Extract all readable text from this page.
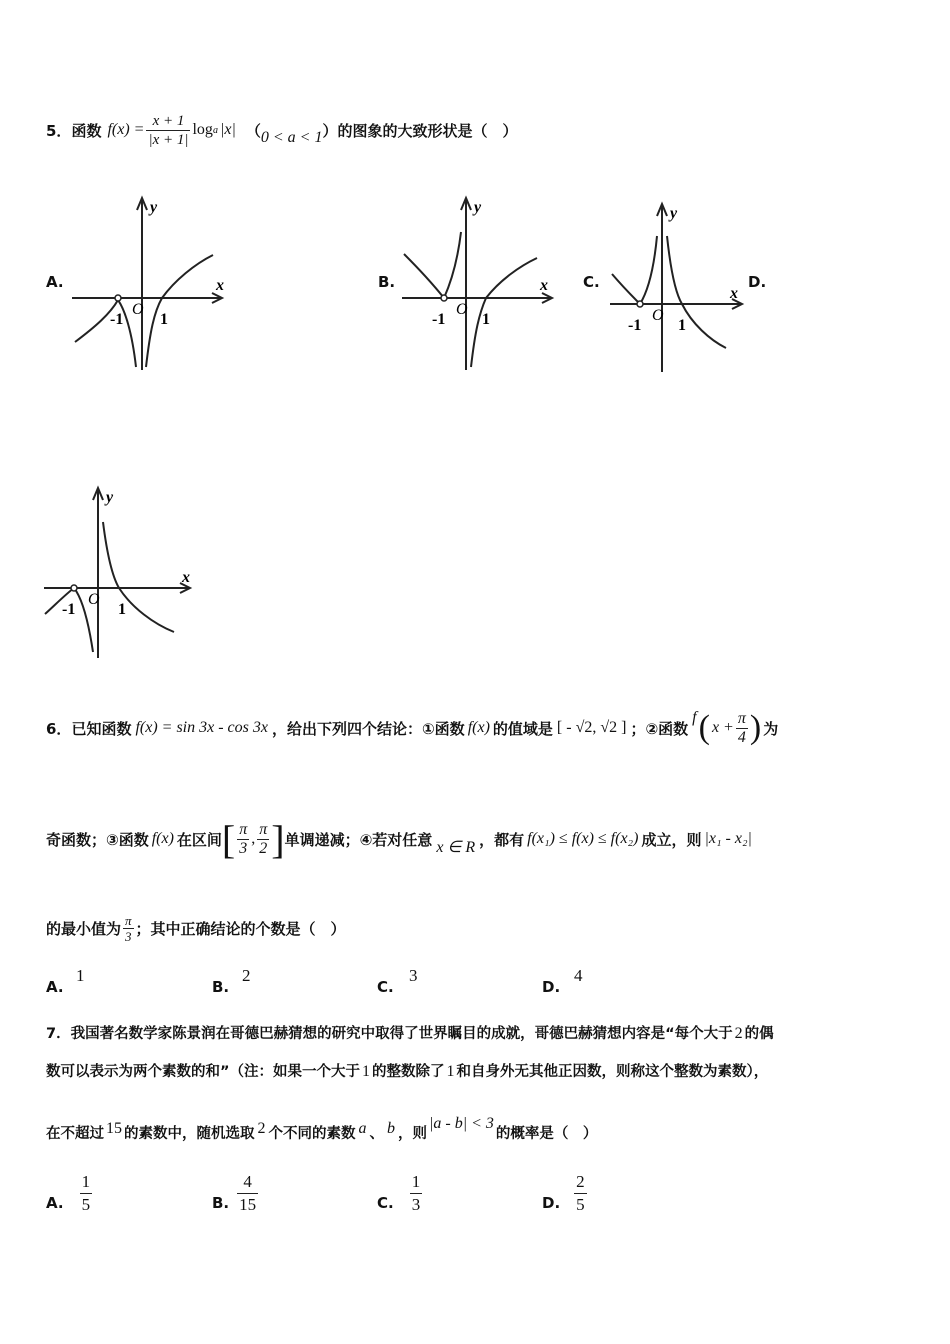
5． 函数 $f(x) = \frac{x + 1}{|x + 1|}$ log a |x| （ 0 < a < 1 ） 的图象的大致形状是（　）
A.	B.	C.	D.
x
y
-1
O
1
x
y
-1
O
1
x
y
-1
O
1
x
y
-1
O
1
6． 已知函数 f(x) = sin 3x - cos 3x ，给出下列四个结论：①函数 f(x) 的值域是 [ - √2, √2 ] ；②函数
f ( $x + \frac{\pi}{4}$ ) 为
奇函数；③函数 f(x) 在区间 [ $\frac{\pi}{3}$ , $\frac{\pi}{2}$ ] 单调递减；④若对任意 x ∈ R ，都有 f(x₁) ≤ f(x) ≤ f(x₂) 成立，则 |x₁ - x₂|
的最小值为 $\frac{\pi}{3}$ ；其中正确结论的个数是（　）
A.
1
B.
2
C.
3
D.
4
7．我国著名数学家陈景润在哥德巴赫猜想的研究中取得了世界瞩目的成就，哥德巴赫猜想内容是“每个大于 2 的偶
数可以表示为两个素数的和”（注：如果一个大于 1 的整数除了 1 和自身外无其他正因数，则称这个整数为素数），
在不超过 15 的素数中，随机选取 2 个不同的素数 a 、 b ，则
|a - b| < 3
的概率是（　）
A. $\frac{1}{5}$	B. $\frac{4}{15}$	C. $\frac{1}{3}$	D. $\frac{2}{5}$
